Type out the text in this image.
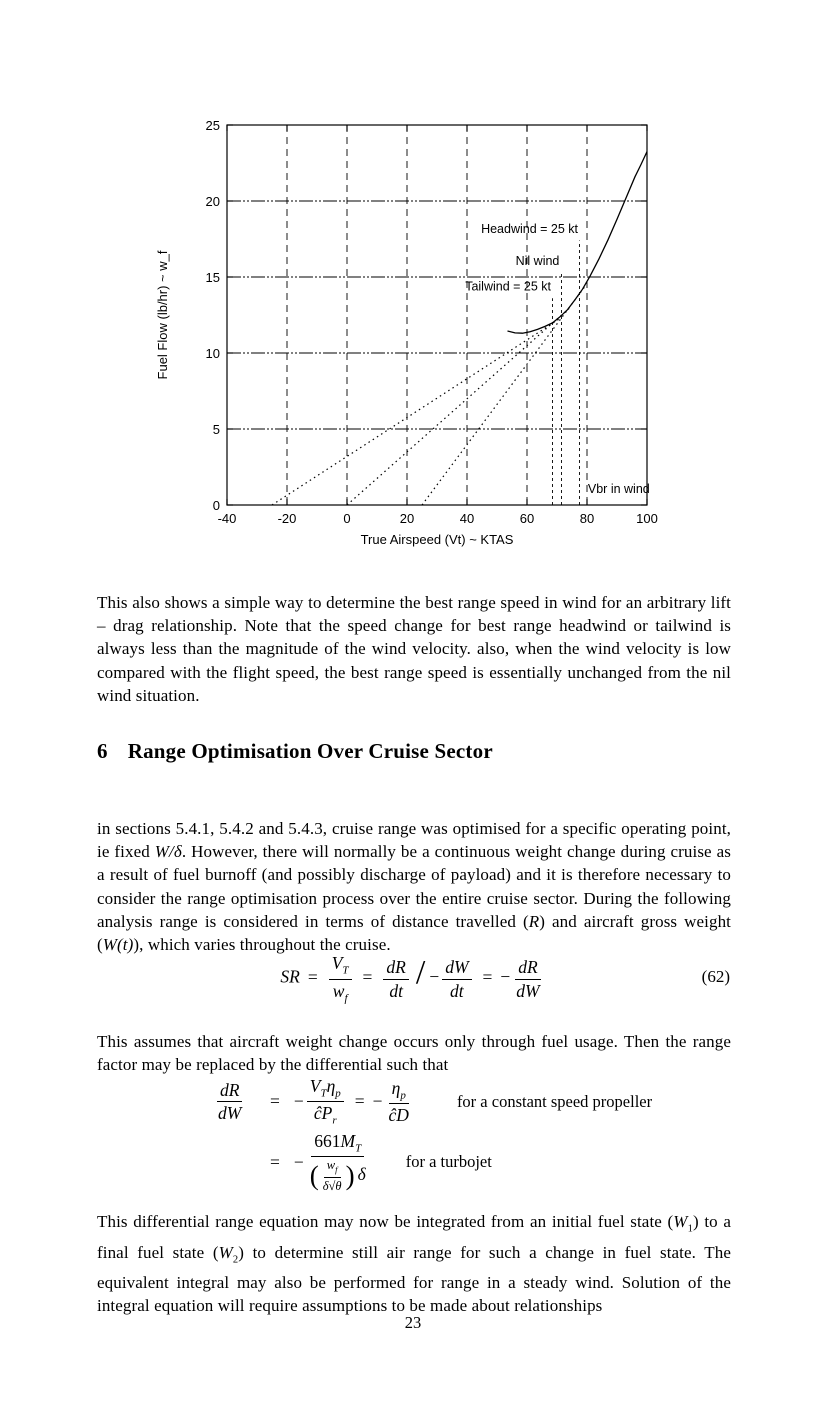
-40	-20	0	20	40	60	80	100
0
5
10
15
20
25
Headwind = 25 kt
Nil wind
Tailwind = 25 kt
Vbr in wind
True Airspeed (Vt) ~ KTAS
Fuel Flow (lb/hr) ~ w_f

This also shows a simple way to determine the best range speed in wind for an arbitrary lift – drag relationship. Note that the speed change for best range headwind or tailwind is always less than the magnitude of the wind velocity. also, when the wind velocity is low compared with the flight speed, the best range speed is essentially unchanged from the nil wind situation.

6 Range Optimisation Over Cruise Sector

in sections 5.4.1, 5.4.2 and 5.4.3, cruise range was optimised for a specific operating point, ie fixed W/δ. However, there will normally be a continuous weight change during cruise as a result of fuel burnoff (and possibly discharge of payload) and it is therefore necessary to consider the range optimisation process over the entire cruise sector. During the following analysis range is considered in terms of distance travelled (R) and aircraft gross weight (W(t)), which varies throughout the cruise.

SR = $\frac{V_T}{w_f} = \frac{dR}{dt}$ / − $\frac{dW}{dt}$ = − $\frac{dR}{dW}$	(62)

This assumes that aircraft weight change occurs only through fuel usage. Then the range factor may be replaced by the differential such that

$\frac{dR}{dW}$ = − $\frac{V_T\eta_p}{ĉP_r}$ = − $\frac{\eta_p}{ĉD}$	for a constant speed propeller
= − $\frac{661M_T}{( \frac{w_f}{\delta√\theta} ) \delta}$ for a turbojet

This differential range equation may now be integrated from an initial fuel state $(W_1)$ to a final fuel state $(W_2)$ to determine still air range for such a change in fuel state. The equivalent integral may also be performed for range in a steady wind. Solution of the integral equation will require assumptions to be made about relationships

23
